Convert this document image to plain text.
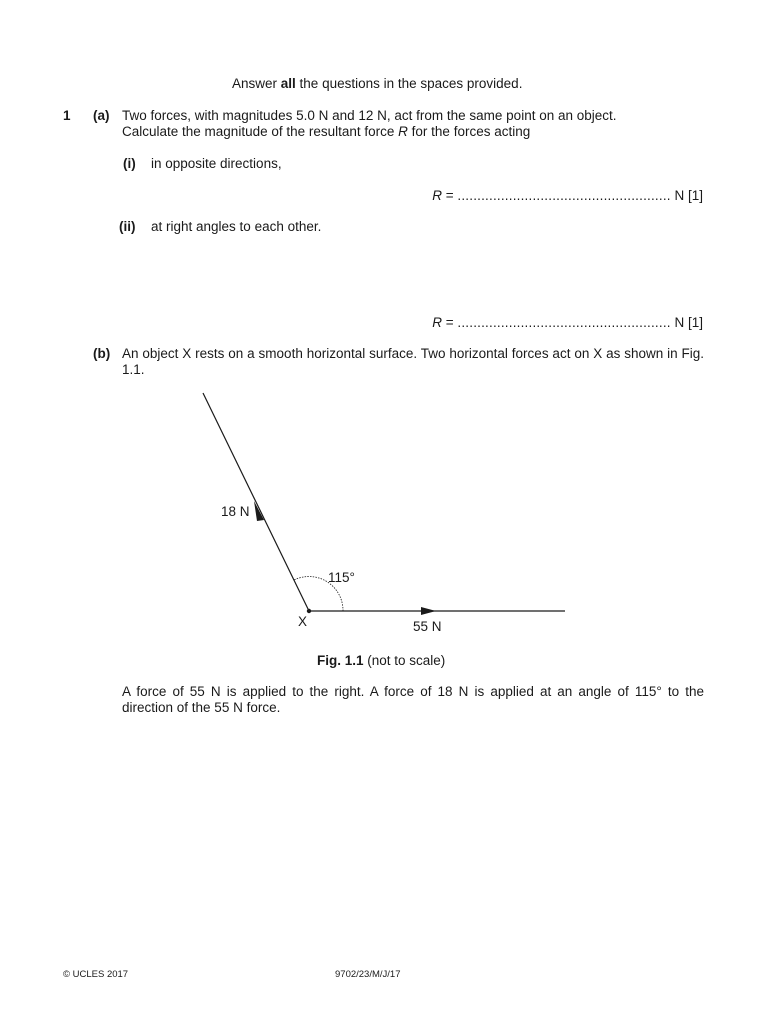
Answer all the questions in the spaces provided.
1 (a) Two forces, with magnitudes 5.0 N and 12 N, act from the same point on an object.
Calculate the magnitude of the resultant force R for the forces acting
(i) in opposite directions,
R = ...................................................... N [1]
(ii) at right angles to each other.
R = ...................................................... N [1]
(b) An object X rests on a smooth horizontal surface. Two horizontal forces act on X as shown in Fig. 1.1.
18 N
115°
X	55 N
Fig. 1.1 (not to scale)
A force of 55 N is applied to the right. A force of 18 N is applied at an angle of 115° to the direction of the 55 N force.
© UCLES 2017	9702/23/M/J/17
